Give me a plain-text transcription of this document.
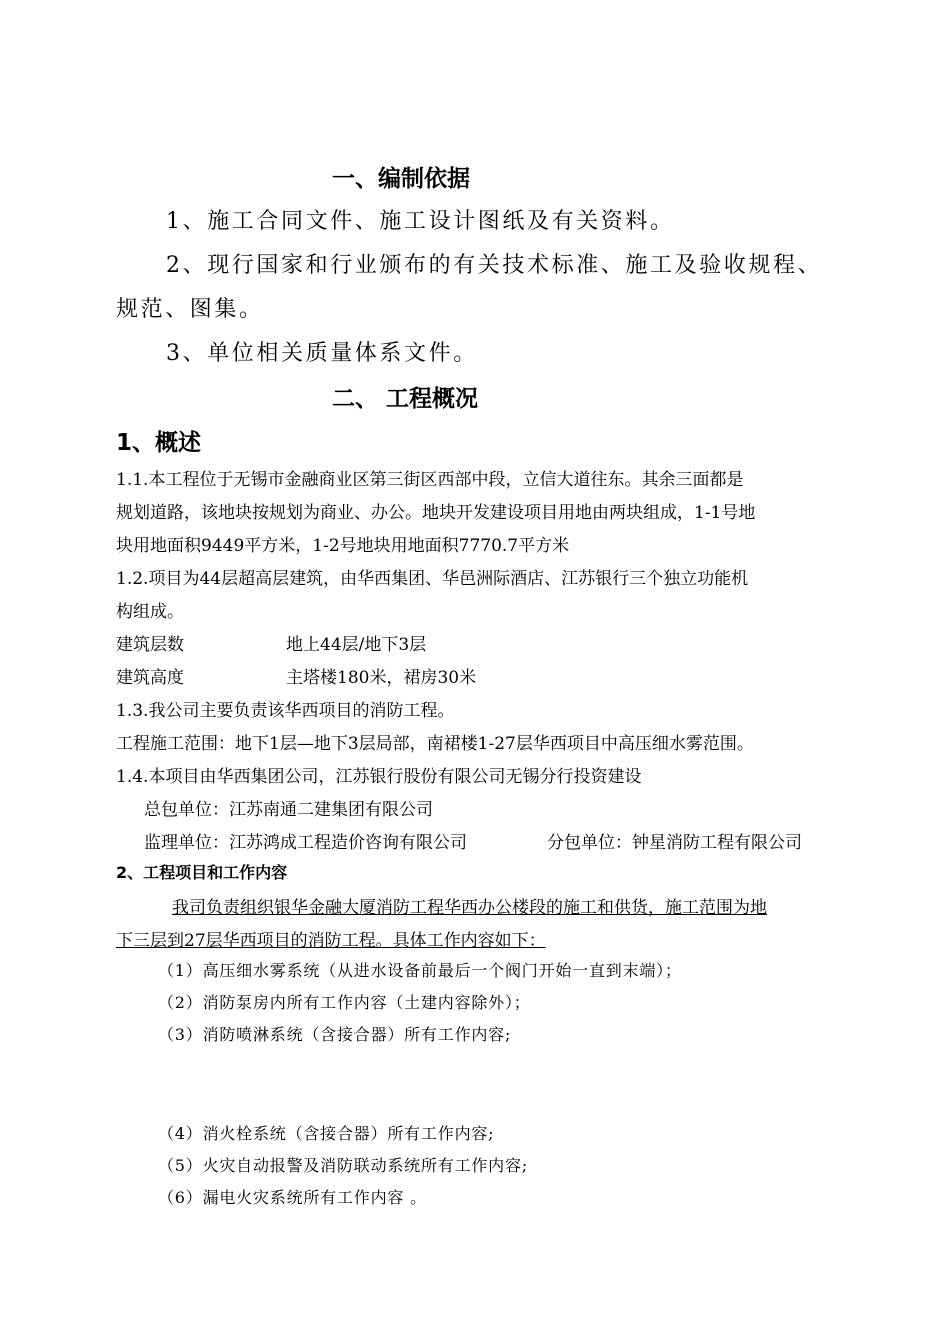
一、编制依据
1、施工合同文件、施工设计图纸及有关资料。
2、现行国家和行业颁布的有关技术标准、施工及验收规程、
规范、图集。
3、单位相关质量体系文件。
二、 工程概况
1、概述
1.1.本工程位于无锡市金融商业区第三街区西部中段，立信大道往东。其余三面都是
规划道路，该地块按规划为商业、办公。地块开发建设项目用地由两块组成，1-1号地
块用地面积9449平方米，1-2号地块用地面积7770.7平方米
1.2.项目为44层超高层建筑，由华西集团、华邑洲际酒店、江苏银行三个独立功能机
构组成。
建筑层数	地上44层/地下3层
建筑高度	主塔楼180米，裙房30米
1.3.我公司主要负责该华西项目的消防工程。
工程施工范围：地下1层—地下3层局部，南裙楼1-27层华西项目中高压细水雾范围。
1.4.本项目由华西集团公司，江苏银行股份有限公司无锡分行投资建设
总包单位：江苏南通二建集团有限公司
监理单位：江苏鸿成工程造价咨询有限公司	分包单位：钟星消防工程有限公司
2、工程项目和工作内容
我司负责组织银华金融大厦消防工程华西办公楼段的施工和供货，施工范围为地
下三层到27层华西项目的消防工程。具体工作内容如下：
（1）高压细水雾系统（从进水设备前最后一个阀门开始一直到末端）；
（2）消防泵房内所有工作内容（土建内容除外）；
（3）消防喷淋系统（含接合器）所有工作内容;
（4）消火栓系统（含接合器）所有工作内容;
（5）火灾自动报警及消防联动系统所有工作内容;
（6）漏电火灾系统所有工作内容 。
